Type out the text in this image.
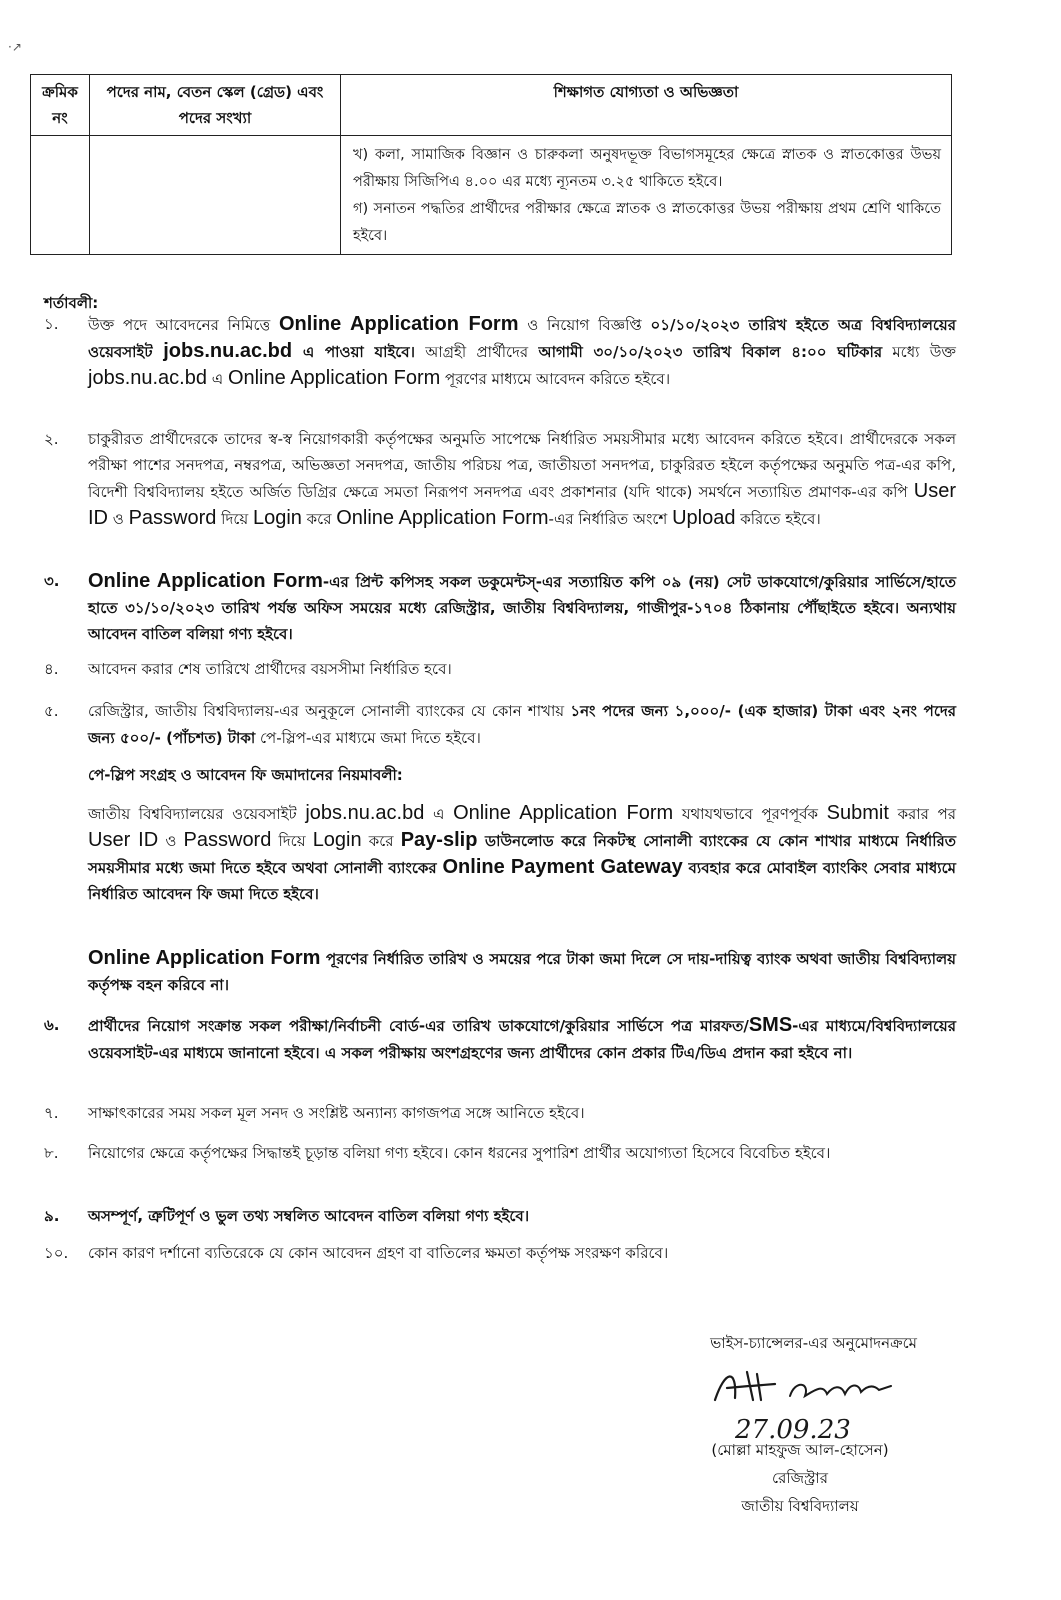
·↗
ক্রমিক নং	পদের নাম, বেতন স্কেল (গ্রেড) এবং পদের সংখ্যা	শিক্ষাগত যোগ্যতা ও অভিজ্ঞতা

		খ) কলা, সামাজিক বিজ্ঞান ও চারুকলা অনুষদভূক্ত বিভাগসমূহের ক্ষেত্রে স্নাতক ও স্নাতকোত্তর উভয় পরীক্ষায় সিজিপিএ ৪.০০ এর মধ্যে ন্যূনতম ৩.২৫ থাকিতে হইবে।

গ) সনাতন পদ্ধতির প্রার্থীদের পরীক্ষার ক্ষেত্রে স্নাতক ও স্নাতকোত্তর উভয় পরীক্ষায় প্রথম শ্রেণি থাকিতে হইবে।

শর্তাবলী:
১.	উক্ত পদে আবেদনের নিমিত্তে Online Application Form ও নিয়োগ বিজ্ঞপ্তি ০১/১০/২০২৩ তারিখ হইতে অত্র বিশ্ববিদ্যালয়ের ওয়েবসাইট jobs.nu.ac.bd এ পাওয়া যাইবে। আগ্রহী প্রার্থীদের আগামী ৩০/১০/২০২৩ তারিখ বিকাল ৪:০০ ঘটিকার মধ্যে উক্ত jobs.nu.ac.bd এ Online Application Form পূরণের মাধ্যমে আবেদন করিতে হইবে।
২.	চাকুরীরত প্রার্থীদেরকে তাদের স্ব-স্ব নিয়োগকারী কর্তৃপক্ষের অনুমতি সাপেক্ষে নির্ধারিত সময়সীমার মধ্যে আবেদন করিতে হইবে। প্রার্থীদেরকে সকল পরীক্ষা পাশের সনদপত্র, নম্বরপত্র, অভিজ্ঞতা সনদপত্র, জাতীয় পরিচয় পত্র, জাতীয়তা সনদপত্র, চাকুরিরত হইলে কর্তৃপক্ষের অনুমতি পত্র-এর কপি, বিদেশী বিশ্ববিদ্যালয় হইতে অর্জিত ডিগ্রির ক্ষেত্রে সমতা নিরূপণ সনদপত্র এবং প্রকাশনার (যদি থাকে) সমর্থনে সত্যায়িত প্রমাণক-এর কপি User ID ও Password দিয়ে Login করে Online Application Form-এর নির্ধারিত অংশে Upload করিতে হইবে।
৩.	Online Application Form-এর প্রিন্ট কপিসহ সকল ডকুমেন্টস্-এর সত্যায়িত কপি ০৯ (নয়) সেট ডাকযোগে/কুরিয়ার সার্ভিসে/হাতে হাতে ৩১/১০/২০২৩ তারিখ পর্যন্ত অফিস সময়ের মধ্যে রেজিস্ট্রার, জাতীয় বিশ্ববিদ্যালয়, গাজীপুর-১৭০৪ ঠিকানায় পৌঁছাইতে হইবে। অন্যথায় আবেদন বাতিল বলিয়া গণ্য হইবে।
৪.	আবেদন করার শেষ তারিখে প্রার্থীদের বয়সসীমা নির্ধারিত হবে।
৫.	রেজিস্ট্রার, জাতীয় বিশ্ববিদ্যালয়-এর অনুকূলে সোনালী ব্যাংকের যে কোন শাখায় ১নং পদের জন্য ১,০০০/- (এক হাজার) টাকা এবং ২নং পদের জন্য ৫০০/- (পাঁচশত) টাকা পে-স্লিপ-এর মাধ্যমে জমা দিতে হইবে।
পে-স্লিপ সংগ্রহ ও আবেদন ফি জমাদানের নিয়মাবলী:
জাতীয় বিশ্ববিদ্যালয়ের ওয়েবসাইট jobs.nu.ac.bd এ Online Application Form যথাযথভাবে পূরণপূর্বক Submit করার পর User ID ও Password দিয়ে Login করে Pay-slip ডাউনলোড করে নিকটস্থ সোনালী ব্যাংকের যে কোন শাখার মাধ্যমে নির্ধারিত সময়সীমার মধ্যে জমা দিতে হইবে অথবা সোনালী ব্যাংকের Online Payment Gateway ব্যবহার করে মোবাইল ব্যাংকিং সেবার মাধ্যমে নির্ধারিত আবেদন ফি জমা দিতে হইবে।
Online Application Form পূরণের নির্ধারিত তারিখ ও সময়ের পরে টাকা জমা দিলে সে দায়-দায়িত্ব ব্যাংক অথবা জাতীয় বিশ্ববিদ্যালয় কর্তৃপক্ষ বহন করিবে না।
৬.	প্রার্থীদের নিয়োগ সংক্রান্ত সকল পরীক্ষা/নির্বাচনী বোর্ড-এর তারিখ ডাকযোগে/কুরিয়ার সার্ভিসে পত্র মারফত/SMS-এর মাধ্যমে/বিশ্ববিদ্যালয়ের ওয়েবসাইট-এর মাধ্যমে জানানো হইবে। এ সকল পরীক্ষায় অংশগ্রহণের জন্য প্রার্থীদের কোন প্রকার টিএ/ডিএ প্রদান করা হইবে না।
৭.	সাক্ষাৎকারের সময় সকল মূল সনদ ও সংশ্লিষ্ট অন্যান্য কাগজপত্র সঙ্গে আনিতে হইবে।
৮.	নিয়োগের ক্ষেত্রে কর্তৃপক্ষের সিদ্ধান্তই চূড়ান্ত বলিয়া গণ্য হইবে। কোন ধরনের সুপারিশ প্রার্থীর অযোগ্যতা হিসেবে বিবেচিত হইবে।
৯.	অসম্পূর্ণ, ত্রুটিপূর্ণ ও ভুল তথ্য সম্বলিত আবেদন বাতিল বলিয়া গণ্য হইবে।
১০.	কোন কারণ দর্শানো ব্যতিরেকে যে কোন আবেদন গ্রহণ বা বাতিলের ক্ষমতা কর্তৃপক্ষ সংরক্ষণ করিবে।
ভাইস-চ্যান্সেলর-এর অনুমোদনক্রমে
27.09.23
(মোল্লা মাহফুজ আল-হোসেন)
রেজিস্ট্রার
জাতীয় বিশ্ববিদ্যালয়
